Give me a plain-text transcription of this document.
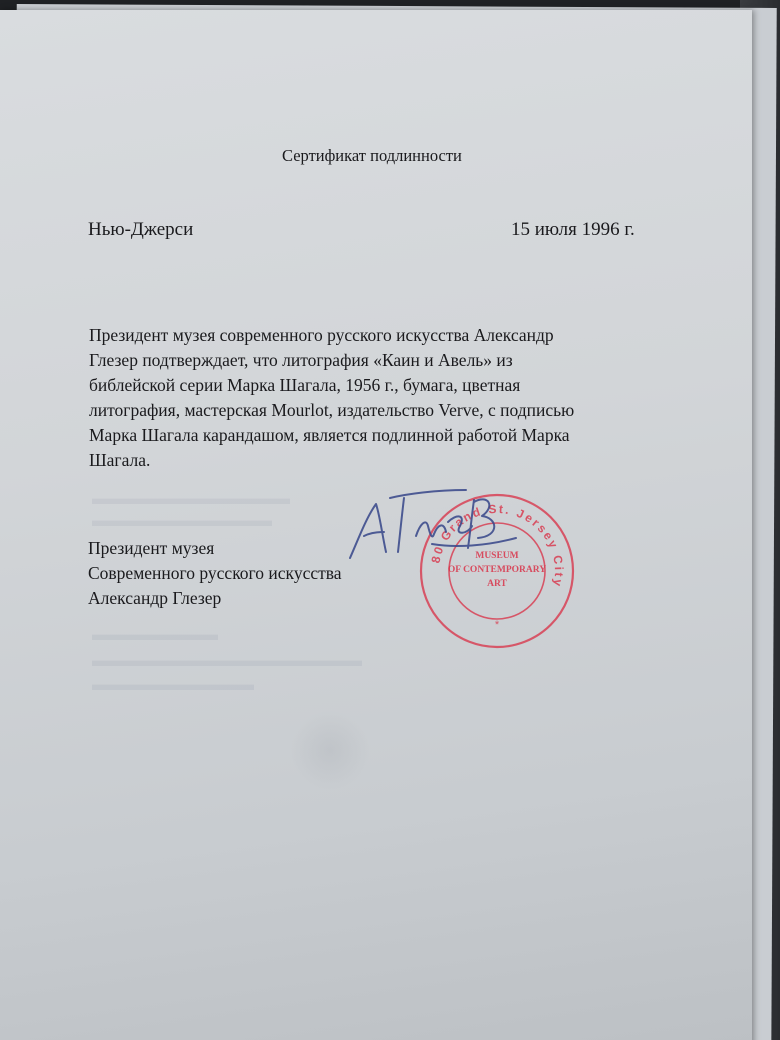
▬▬▬▬▬▬▬▬▬▬▬
▬▬▬▬▬▬▬▬▬▬
▬▬▬▬▬▬▬
▬▬▬▬▬▬▬▬▬▬▬▬▬▬▬
▬▬▬▬▬▬▬▬▬
Сертификат подлинности
Нью-Джерси	15 июля 1996 г.
Президент музея современного русского искусства Александр
Глезер подтверждает, что литография «Каин и Авель» из
библейской серии Марка Шагала, 1956 г., бумага, цветная
литография, мастерская Mourlot, издательство Verve, с подписью
Марка Шагала карандашом, является подлинной работой Марка
Шагала.
Президент музея
Современного русского искусства
Александр Глезер
80 Grand St. Jersey City
MUSEUM
OF CONTEMPORARY
ART
*
